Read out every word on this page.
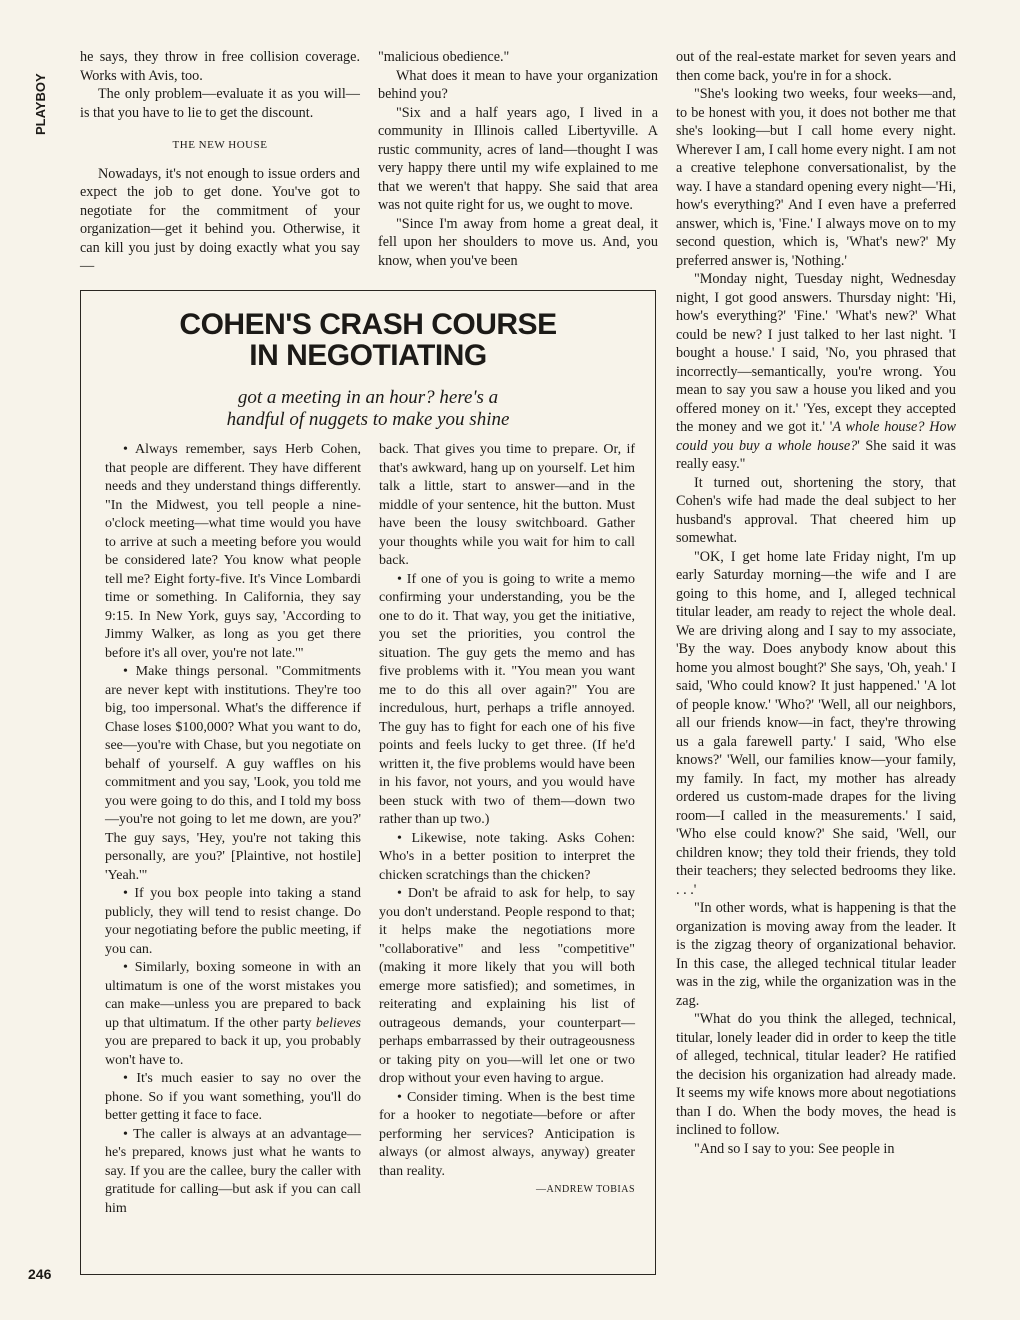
PLAYBOY

he says, they throw in free collision coverage. Works with Avis, too.

The only problem—evaluate it as you will—is that you have to lie to get the discount.

THE NEW HOUSE

Nowadays, it's not enough to issue orders and expect the job to get done. You've got to negotiate for the commitment of your organization—get it behind you. Otherwise, it can kill you just by doing exactly what you say—

"malicious obedience."

What does it mean to have your organization behind you?

"Six and a half years ago, I lived in a community in Illinois called Libertyville. A rustic community, acres of land—thought I was very happy there until my wife explained to me that we weren't that happy. She said that area was not quite right for us, we ought to move.

"Since I'm away from home a great deal, it fell upon her shoulders to move us. And, you know, when you've been

out of the real-estate market for seven years and then come back, you're in for a shock.

"She's looking two weeks, four weeks—and, to be honest with you, it does not bother me that she's looking—but I call home every night. Wherever I am, I call home every night. I am not a creative telephone conversationalist, by the way. I have a standard opening every night—'Hi, how's everything?' And I even have a preferred answer, which is, 'Fine.' I always move on to my second question, which is, 'What's new?' My preferred answer is, 'Nothing.'

"Monday night, Tuesday night, Wednesday night, I got good answers. Thursday night: 'Hi, how's everything?' 'Fine.' 'What's new?' What could be new? I just talked to her last night. 'I bought a house.' I said, 'No, you phrased that incorrectly—semantically, you're wrong. You mean to say you saw a house you liked and you offered money on it.' 'Yes, except they accepted the money and we got it.' 'A whole house? How could you buy a whole house?' She said it was really easy."

It turned out, shortening the story, that Cohen's wife had made the deal subject to her husband's approval. That cheered him up somewhat.

"OK, I get home late Friday night, I'm up early Saturday morning—the wife and I are going to this home, and I, alleged technical titular leader, am ready to reject the whole deal. We are driving along and I say to my associate, 'By the way. Does anybody know about this home you almost bought?' She says, 'Oh, yeah.' I said, 'Who could know? It just happened.' 'A lot of people know.' 'Who?' 'Well, all our neighbors, all our friends know—in fact, they're throwing us a gala farewell party.' I said, 'Who else knows?' 'Well, our families know—your family, my family. In fact, my mother has already ordered us custom-made drapes for the living room—I called in the measurements.' I said, 'Who else could know?' She said, 'Well, our children know; they told their friends, they told their teachers; they selected bedrooms they like. . . .'

"In other words, what is happening is that the organization is moving away from the leader. It is the zigzag theory of organizational behavior. In this case, the alleged technical titular leader was in the zig, while the organization was in the zag.

"What do you think the alleged, technical, titular, lonely leader did in order to keep the title of alleged, technical, titular leader? He ratified the decision his organization had already made. It seems my wife knows more about negotiations than I do. When the body moves, the head is inclined to follow.

"And so I say to you: See people in

COHEN'S CRASH COURSE
IN NEGOTIATING
got a meeting in an hour? here's a
handful of nuggets to make you shine

• Always remember, says Herb Cohen, that people are different. They have different needs and they understand things differently. "In the Midwest, you tell people a nine-o'clock meeting—what time would you have to arrive at such a meeting before you would be considered late? You know what people tell me? Eight forty-five. It's Vince Lombardi time or something. In California, they say 9:15. In New York, guys say, 'According to Jimmy Walker, as long as you get there before it's all over, you're not late.'"

• Make things personal. "Commitments are never kept with institutions. They're too big, too impersonal. What's the difference if Chase loses $100,000? What you want to do, see—you're with Chase, but you negotiate on behalf of yourself. A guy waffles on his commitment and you say, 'Look, you told me you were going to do this, and I told my boss—you're not going to let me down, are you?' The guy says, 'Hey, you're not taking this personally, are you?' [Plaintive, not hostile] 'Yeah.'"

• If you box people into taking a stand publicly, they will tend to resist change. Do your negotiating before the public meeting, if you can.

• Similarly, boxing someone in with an ultimatum is one of the worst mistakes you can make—unless you are prepared to back up that ultimatum. If the other party believes you are prepared to back it up, you probably won't have to.

• It's much easier to say no over the phone. So if you want something, you'll do better getting it face to face.

• The caller is always at an advantage—he's prepared, knows just what he wants to say. If you are the callee, bury the caller with gratitude for calling—but ask if you can call him

back. That gives you time to prepare. Or, if that's awkward, hang up on yourself. Let him talk a little, start to answer—and in the middle of your sentence, hit the button. Must have been the lousy switchboard. Gather your thoughts while you wait for him to call back.

• If one of you is going to write a memo confirming your understanding, you be the one to do it. That way, you get the initiative, you set the priorities, you control the situation. The guy gets the memo and has five problems with it. "You mean you want me to do this all over again?" You are incredulous, hurt, perhaps a trifle annoyed. The guy has to fight for each one of his five points and feels lucky to get three. (If he'd written it, the five problems would have been in his favor, not yours, and you would have been stuck with two of them—down two rather than up two.)

• Likewise, note taking. Asks Cohen: Who's in a better position to interpret the chicken scratchings than the chicken?

• Don't be afraid to ask for help, to say you don't understand. People respond to that; it helps make the negotiations more "collaborative" and less "competitive" (making it more likely that you will both emerge more satisfied); and sometimes, in reiterating and explaining his list of outrageous demands, your counterpart—perhaps embarrassed by their outrageousness or taking pity on you—will let one or two drop without your even having to argue.

• Consider timing. When is the best time for a hooker to negotiate—before or after performing her services? Anticipation is always (or almost always, anyway) greater than reality.

—ANDREW TOBIAS
246
